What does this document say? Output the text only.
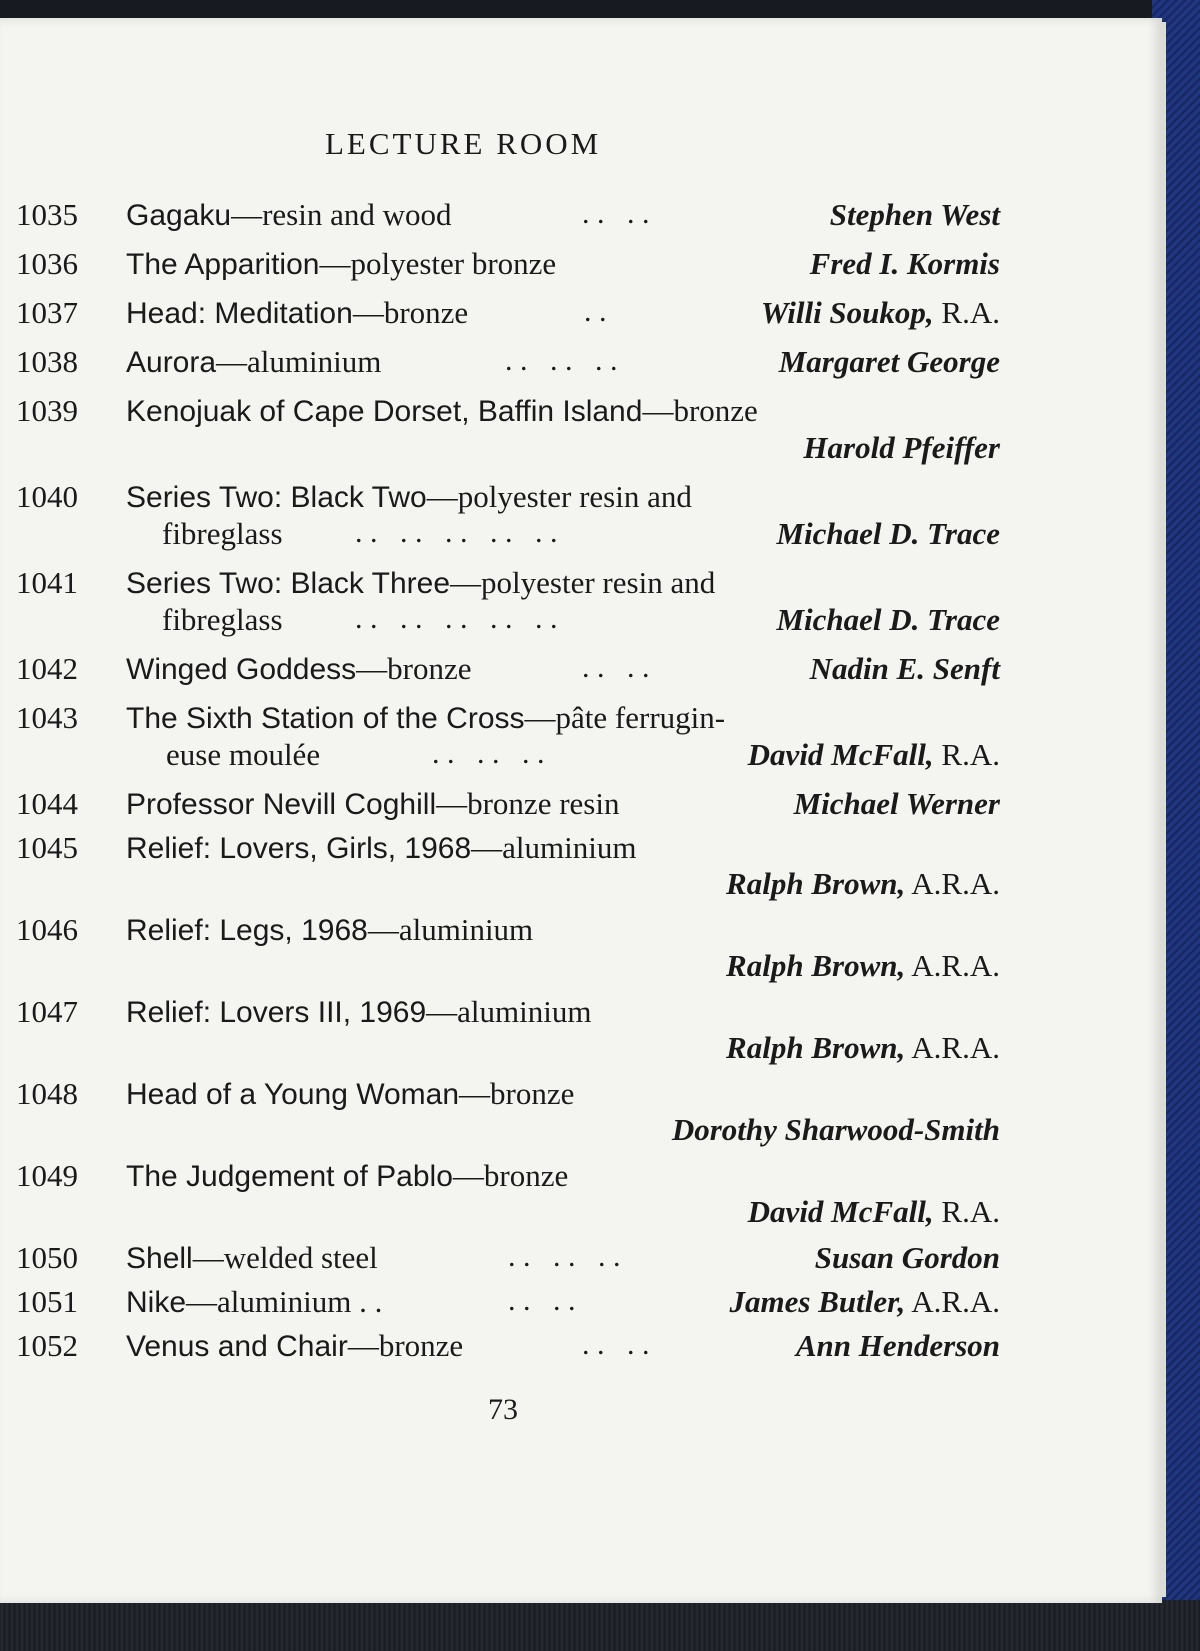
LECTURE ROOM
1035 Gagaku—resin and wood	. .   . .	Stephen West
1036 The Apparition—polyester bronze	Fred I. Kormis
1037 Head: Meditation—bronze	. .	Willi Soukop, R.A.
1038 Aurora—aluminium	. .   . .   . .	Margaret George
1039 Kenojuak of Cape Dorset, Baffin Island—bronze
Harold Pfeiffer
1040 Series Two: Black Two—polyester resin and
fibreglass . .   . .   . .   . .   . .	Michael D. Trace
1041 Series Two: Black Three—polyester resin and
fibreglass . .   . .   . .   . .   . .	Michael D. Trace
1042 Winged Goddess—bronze	. .   . .	Nadin E. Senft
1043 The Sixth Station of the Cross—pâte ferrugin-
euse moulée	. .   . .   . .	David McFall, R.A.
1044 Professor Nevill Coghill—bronze resin	Michael Werner
1045 Relief: Lovers, Girls, 1968—aluminium
Ralph Brown, A.R.A.
1046 Relief: Legs, 1968—aluminium
Ralph Brown, A.R.A.
1047 Relief: Lovers III, 1969—aluminium
Ralph Brown, A.R.A.
1048 Head of a Young Woman—bronze
Dorothy Sharwood-Smith
1049 The Judgement of Pablo—bronze
David McFall, R.A.
1050 Shell—welded steel	. .   . .   . .	Susan Gordon
1051 Nike—aluminium . .	. .   . .	James Butler, A.R.A.
1052 Venus and Chair—bronze	. .   . .	Ann Henderson
73
